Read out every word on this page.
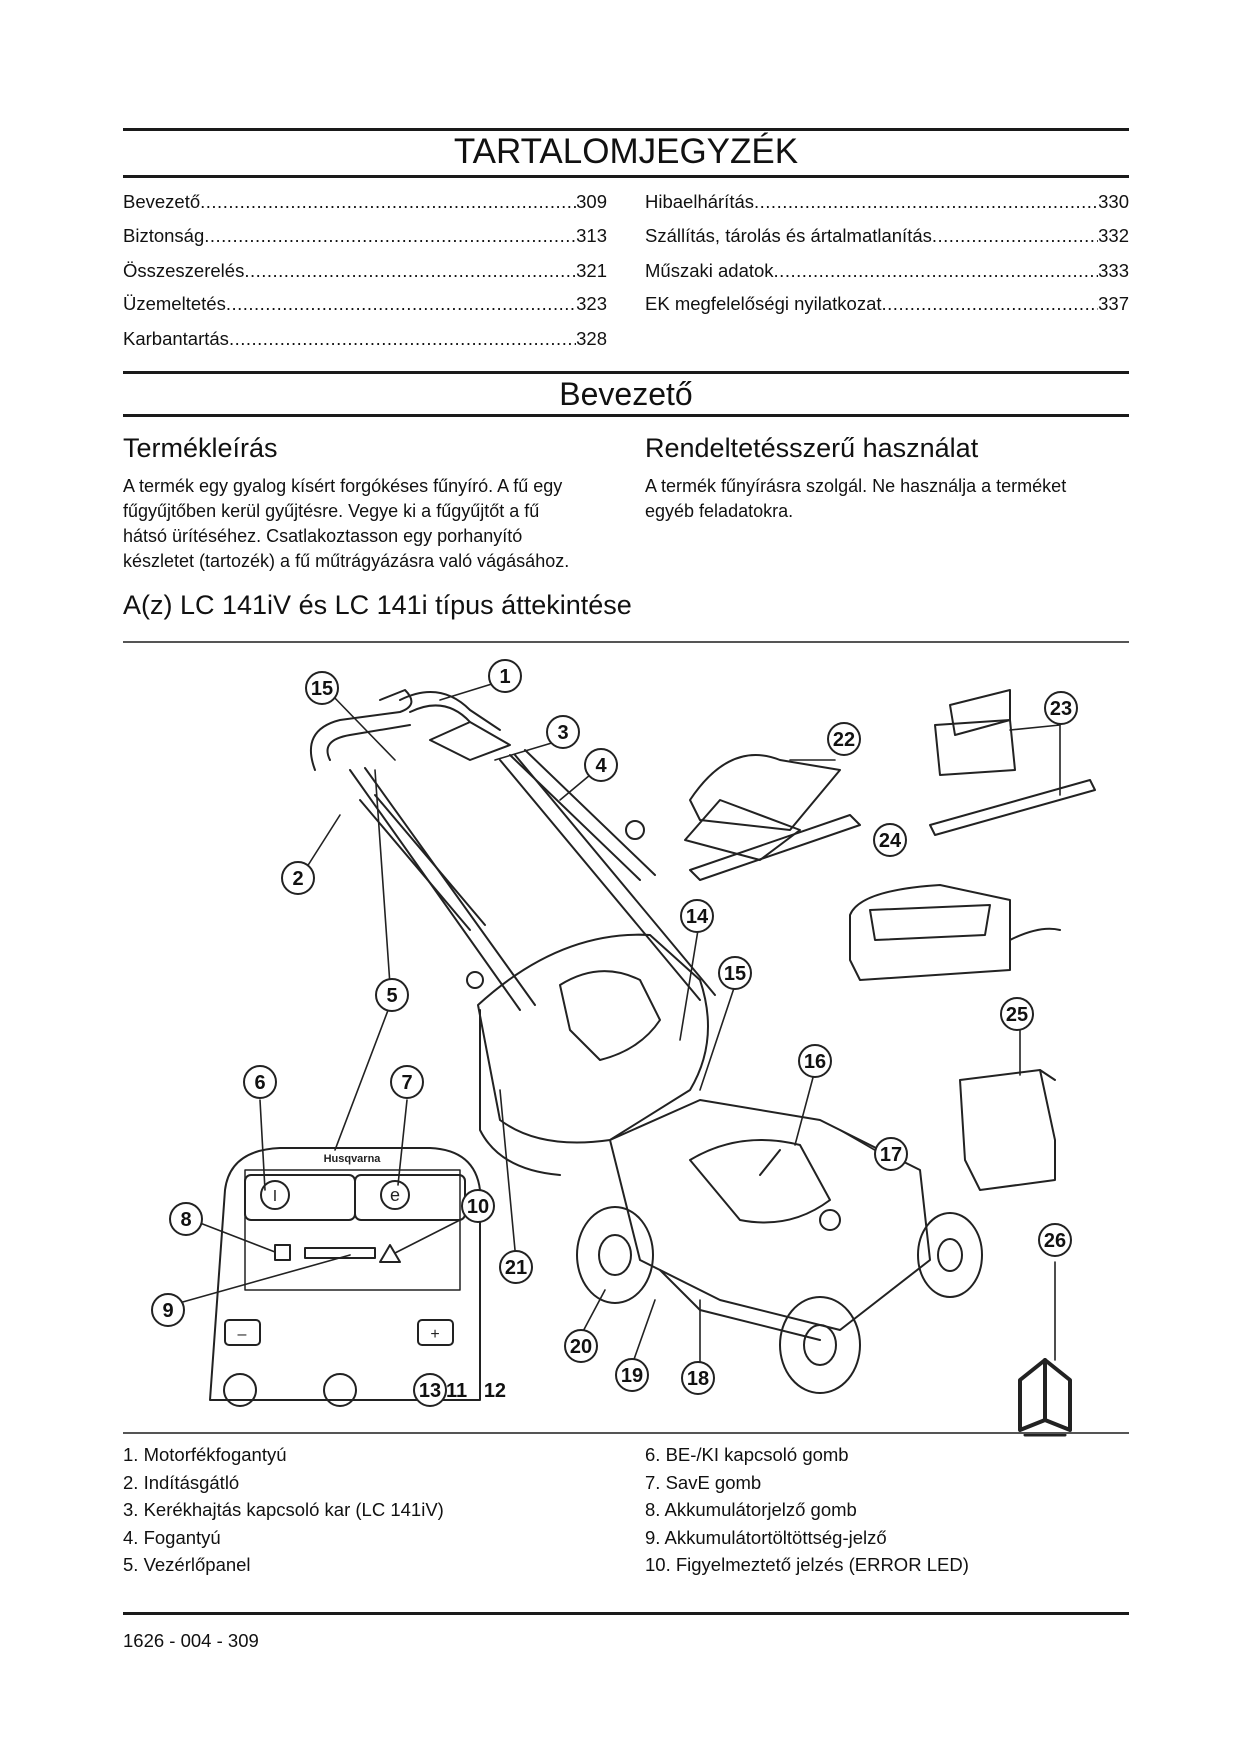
TARTALOMJEGYZÉK
Bevezető .....	309
Biztonság .....	313
Összeszerelés .....	321
Üzemeltetés .....	323
Karbantartás .....	328
Hibaelhárítás .....	330
Szállítás, tárolás és ártalmatlanítás .....	332
Műszaki adatok .....	333
EK megfelelőségi nyilatkozat .....	337
Bevezető
Termékleírás
A termék egy gyalog kísért forgókéses fűnyíró. A fű egy
fűgyűjtőben kerül gyűjtésre. Vegye ki a fűgyűjtőt a fű
hátsó ürítéséhez. Csatlakoztasson egy porhanyító
készletet (tartozék) a fű műtrágyázásra való vágásához.
Rendeltetésszerű használat
A termék fűnyírásra szolgál. Ne használja a terméket
egyéb feladatokra.
A(z) LC 141iV és LC 141i típus áttekintése
15
1
3
4
2
5
6	7
8
10
9
13
14
15
16
17
21
20
19 18
22
23
24
25
26
11   12
Husqvarna
I	e
–	+
1. Motorfékfogantyú
2. Indításgátló
3. Kerékhajtás kapcsoló kar (LC 141iV)
4. Fogantyú
5. Vezérlőpanel
6. BE-/KI kapcsoló gomb
7. SavE gomb
8. Akkumulátorjelző gomb
9. Akkumulátortöltöttség-jelző
10. Figyelmeztető jelzés (ERROR LED)
1626 - 004 - 309
